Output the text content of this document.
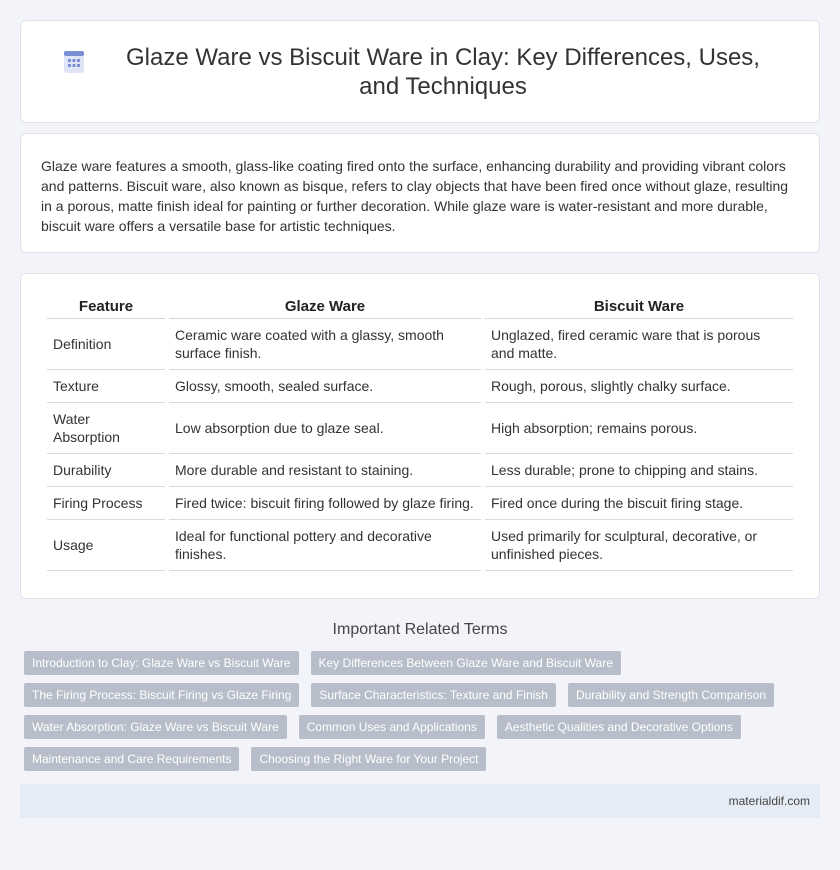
Glaze Ware vs Biscuit Ware in Clay: Key Differences, Uses, and Techniques

Glaze ware features a smooth, glass-like coating fired onto the surface, enhancing durability and providing vibrant colors and patterns. Biscuit ware, also known as bisque, refers to clay objects that have been fired once without glaze, resulting in a porous, matte finish ideal for painting or further decoration. While glaze ware is water-resistant and more durable, biscuit ware offers a versatile base for artistic techniques.

Feature	Glaze Ware	Biscuit Ware
Definition	Ceramic ware coated with a glassy, smooth surface finish.	Unglazed, fired ceramic ware that is porous and matte.
Texture	Glossy, smooth, sealed surface.	Rough, porous, slightly chalky surface.
Water Absorption	Low absorption due to glaze seal.	High absorption; remains porous.
Durability	More durable and resistant to staining.	Less durable; prone to chipping and stains.
Firing Process	Fired twice: biscuit firing followed by glaze firing.	Fired once during the biscuit firing stage.
Usage	Ideal for functional pottery and decorative finishes.	Used primarily for sculptural, decorative, or unfinished pieces.
Important Related Terms
Introduction to Clay: Glaze Ware vs Biscuit Ware	Key Differences Between Glaze Ware and Biscuit Ware
The Firing Process: Biscuit Firing vs Glaze Firing	Surface Characteristics: Texture and Finish	Durability and Strength Comparison
Water Absorption: Glaze Ware vs Biscuit Ware	Common Uses and Applications	Aesthetic Qualities and Decorative Options
Maintenance and Care Requirements	Choosing the Right Ware for Your Project
materialdif.com
